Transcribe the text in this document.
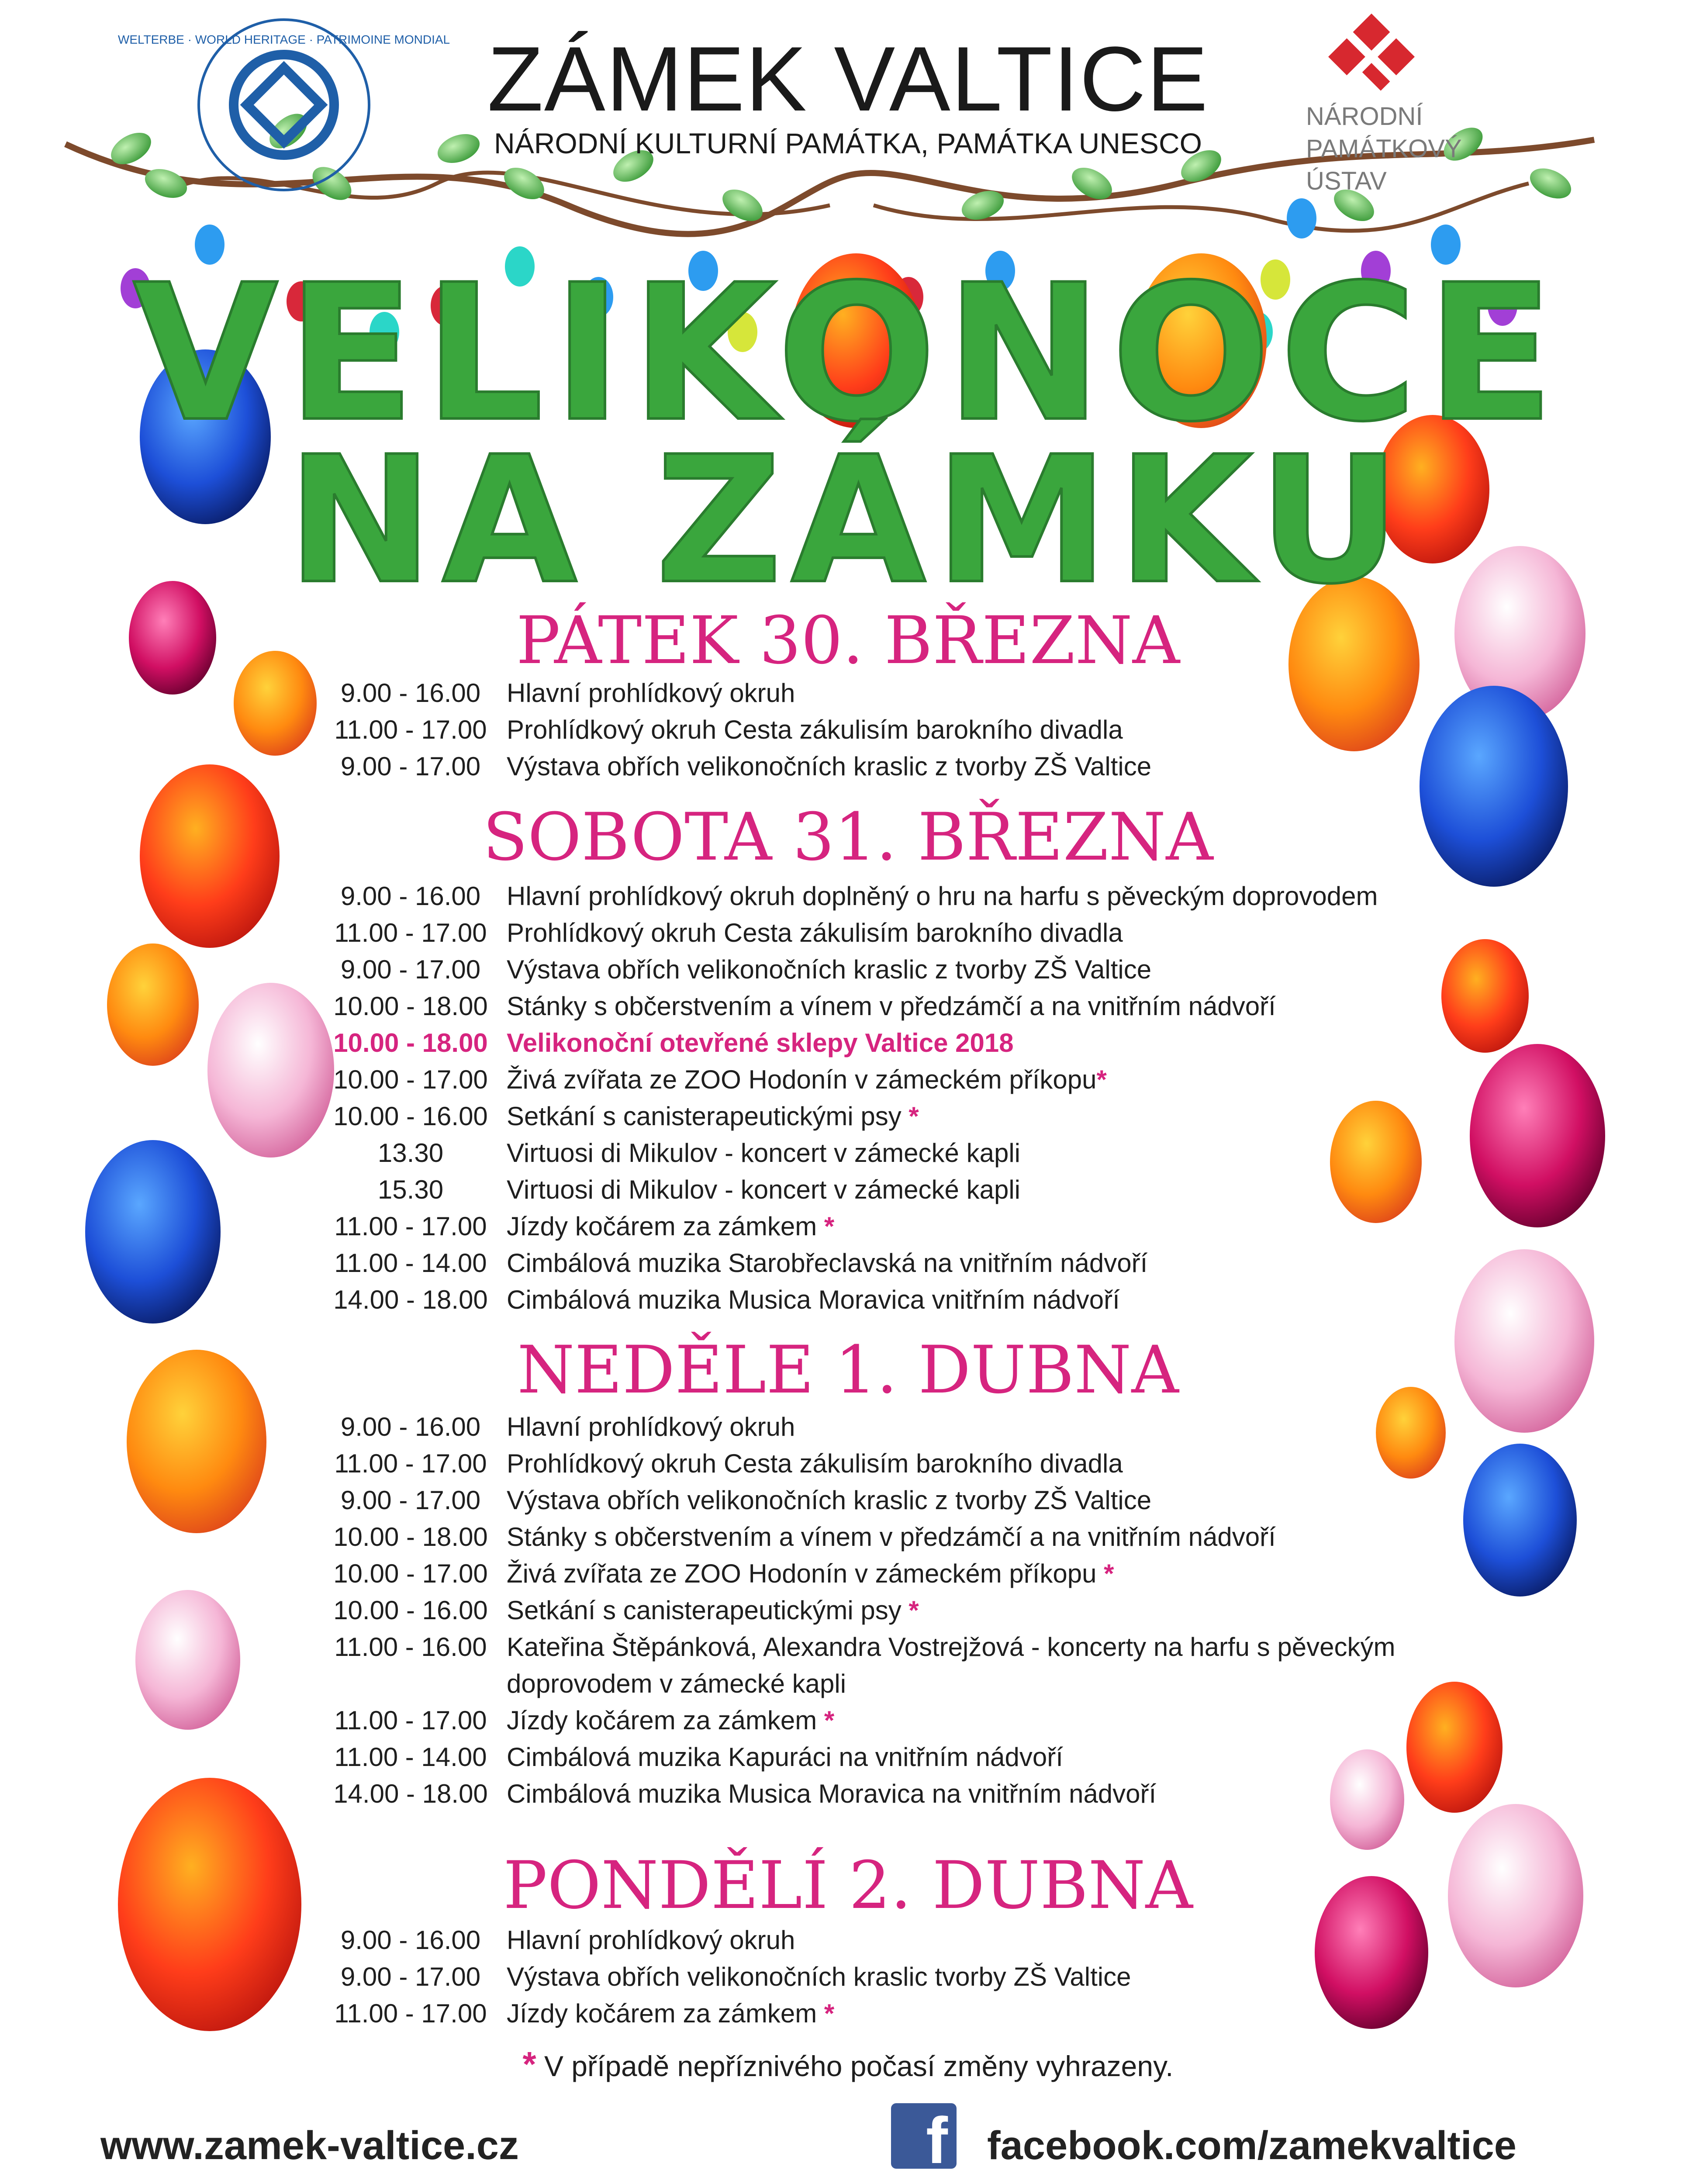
WELTERBE · WORLD HERITAGE · PATRIMOINE MONDIAL
NÁRODNÍ
PAMÁTKOVÝ
ÚSTAV
ZÁMEK VALTICE
NÁRODNÍ KULTURNÍ PAMÁTKA, PAMÁTKA UNESCO
VELIKONOCE
NA ZÁMKU
PÁTEK 30. BŘEZNA
9.00 - 16.00 Hlavní prohlídkový okruh
11.00 - 17.00 Prohlídkový okruh Cesta zákulisím barokního divadla
9.00 - 17.00 Výstava obřích velikonočních kraslic z tvorby ZŠ Valtice
SOBOTA 31. BŘEZNA
9.00 - 16.00 Hlavní prohlídkový okruh doplněný o hru na harfu s pěveckým doprovodem
11.00 - 17.00 Prohlídkový okruh Cesta zákulisím barokního divadla
9.00 - 17.00 Výstava obřích velikonočních kraslic z tvorby ZŠ Valtice
10.00 - 18.00 Stánky s občerstvením a vínem v předzámčí a na vnitřním nádvoří
10.00 - 18.00 Velikonoční otevřené sklepy Valtice 2018
10.00 - 17.00 Živá zvířata ze ZOO Hodonín v zámeckém příkopu*
10.00 - 16.00 Setkání s canisterapeutickými psy *
13.30	Virtuosi di Mikulov - koncert v zámecké kapli
15.30	Virtuosi di Mikulov - koncert v zámecké kapli
11.00 - 17.00 Jízdy kočárem za zámkem *
11.00 - 14.00 Cimbálová muzika Starobřeclavská na vnitřním nádvoří
14.00 - 18.00 Cimbálová muzika Musica Moravica vnitřním nádvoří
NEDĚLE 1. DUBNA
9.00 - 16.00 Hlavní prohlídkový okruh
11.00 - 17.00 Prohlídkový okruh Cesta zákulisím barokního divadla
9.00 - 17.00 Výstava obřích velikonočních kraslic z tvorby ZŠ Valtice
10.00 - 18.00 Stánky s občerstvením a vínem v předzámčí a na vnitřním nádvoří
10.00 - 17.00 Živá zvířata ze ZOO Hodonín v zámeckém příkopu *
10.00 - 16.00 Setkání s canisterapeutickými psy *
11.00 - 16.00 Kateřina Štěpánková, Alexandra Vostrejžová - koncerty na harfu s pěveckým doprovodem v zámecké kapli
11.00 - 17.00 Jízdy kočárem za zámkem *
11.00 - 14.00 Cimbálová muzika Kapuráci na vnitřním nádvoří
14.00 - 18.00 Cimbálová muzika Musica Moravica na vnitřním nádvoří
PONDĚLÍ 2. DUBNA
9.00 - 16.00 Hlavní prohlídkový okruh
9.00 - 17.00 Výstava obřích velikonočních kraslic tvorby ZŠ Valtice
11.00 - 17.00 Jízdy kočárem za zámkem *
* V případě nepříznivého počasí změny vyhrazeny.
www.zamek-valtice.cz	f facebook.com/zamekvaltice
